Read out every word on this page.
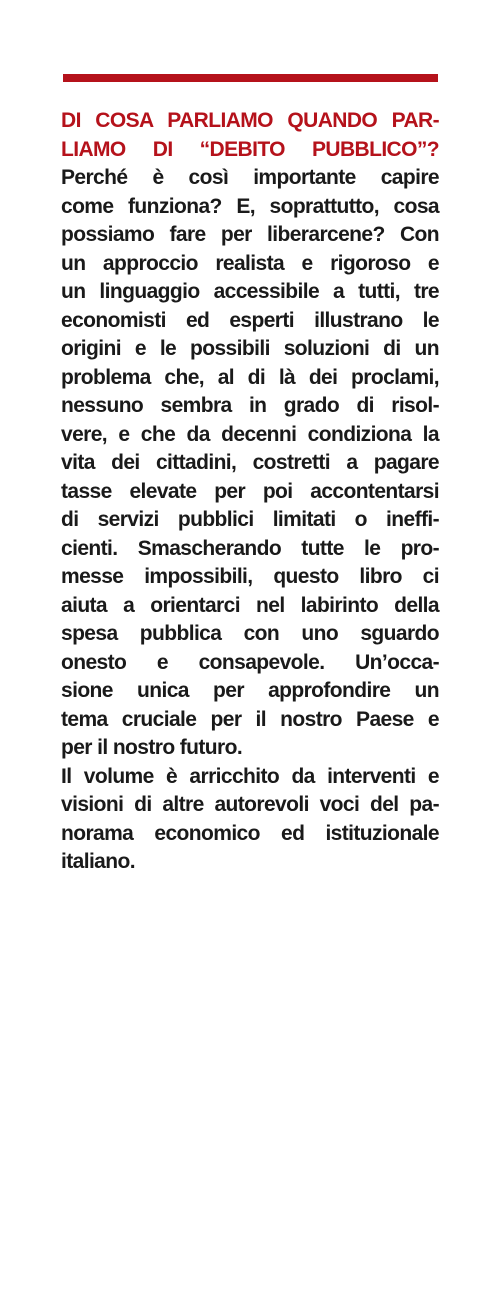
DI COSA PARLIAMO QUANDO PAR-
LIAMO DI “DEBITO PUBBLICO”?
Perché è così importante capire
come funziona? E, soprattutto, cosa
possiamo fare per liberarcene? Con
un approccio realista e rigoroso e
un linguaggio accessibile a tutti, tre
economisti ed esperti illustrano le
origini e le possibili soluzioni di un
problema che, al di là dei proclami,
nessuno sembra in grado di risol-
vere, e che da decenni condiziona la
vita dei cittadini, costretti a pagare
tasse elevate per poi accontentarsi
di servizi pubblici limitati o ineffi-
cienti. Smascherando tutte le pro-
messe impossibili, questo libro ci
aiuta a orientarci nel labirinto della
spesa pubblica con uno sguardo
onesto e consapevole. Un’occa-
sione unica per approfondire un
tema cruciale per il nostro Paese e
per il nostro futuro.
Il volume è arricchito da interventi e
visioni di altre autorevoli voci del pa-
norama economico ed istituzionale
italiano.
